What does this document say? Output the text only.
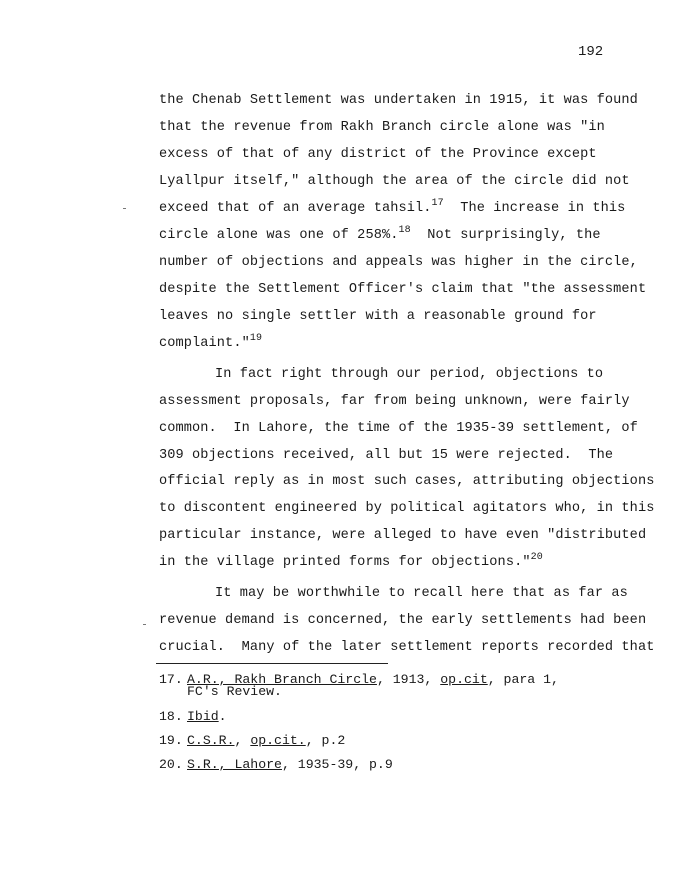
192
the Chenab Settlement was undertaken in 1915, it was found
that the revenue from Rakh Branch circle alone was "in
excess of that of any district of the Province except
Lyallpur itself," although the area of the circle did not
exceed that of an average tahsil.$^{17}$  The increase in this
circle alone was one of 258%.$^{18}$  Not surprisingly, the
number of objections and appeals was higher in the circle,
despite the Settlement Officer's claim that "the assessment
leaves no single settler with a reasonable ground for
complaint."$^{19}$
In fact right through our period, objections to
assessment proposals, far from being unknown, were fairly
common.  In Lahore, the time of the 1935-39 settlement, of
309 objections received, all but 15 were rejected.  The
official reply as in most such cases, attributing objections
to discontent engineered by political agitators who, in this
particular instance, were alleged to have even "distributed
in the village printed forms for objections."$^{20}$
It may be worthwhile to recall here that as far as
revenue demand is concerned, the early settlements had been
crucial.  Many of the later settlement reports recorded that
17. A.R., Rakh Branch Circle, 1913, op.cit, para 1,
FC's Review.
18. Ibid.
19. C.S.R., op.cit., p.2
20. S.R., Lahore, 1935-39, p.9
